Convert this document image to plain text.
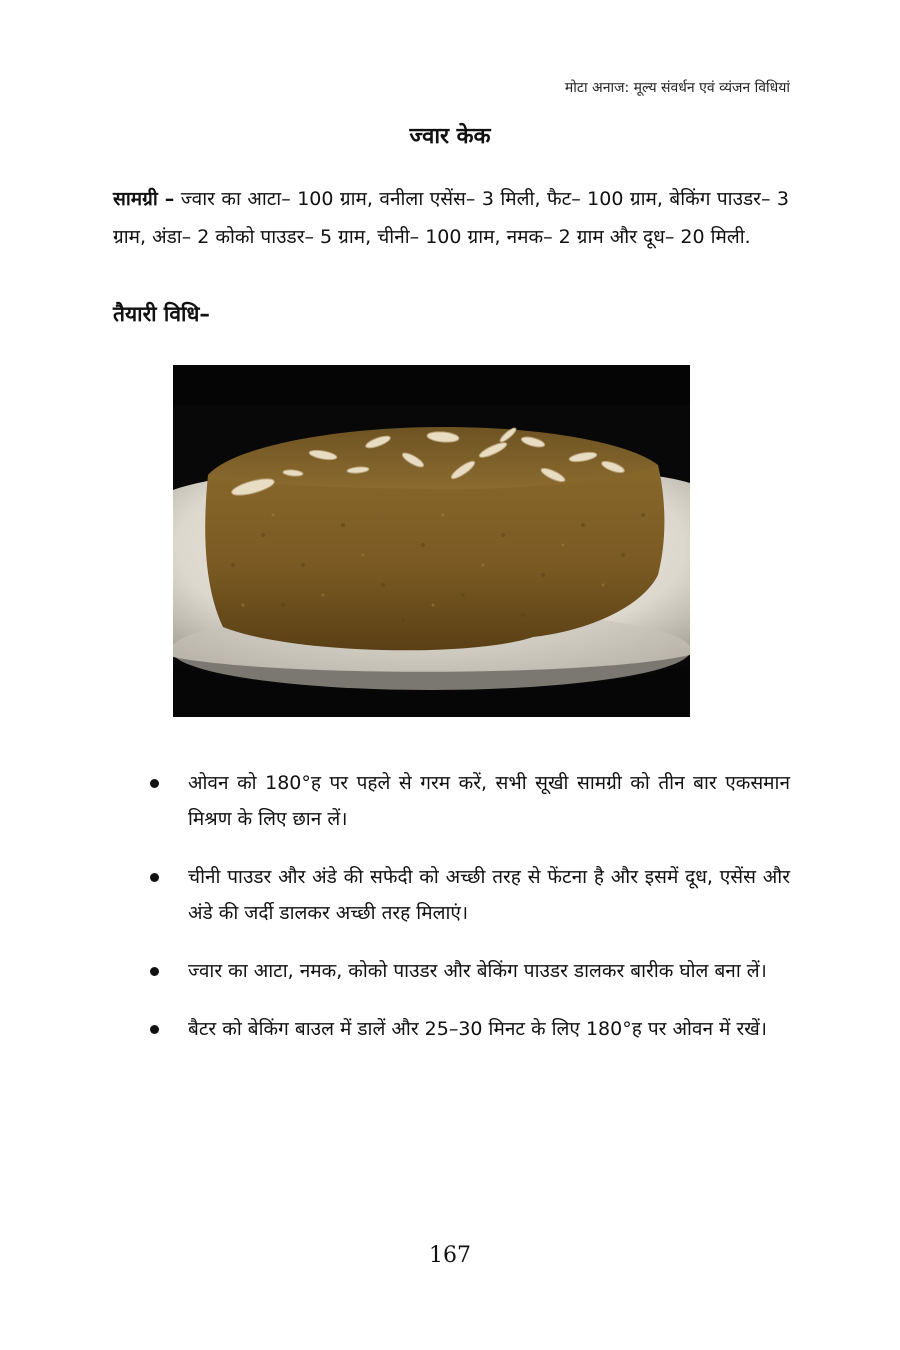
मोटा अनाज: मूल्य संवर्धन एवं व्यंजन विधियां
ज्वार केक
सामग्री – ज्वार का आटा– 100 ग्राम, वनीला एसेंस– 3 मिली, फैट– 100 ग्राम, बेकिंग पाउडर– 3 ग्राम, अंडा– 2 कोको पाउडर– 5 ग्राम, चीनी– 100 ग्राम, नमक– 2 ग्राम और दूध– 20 मिली.
तैयारी विधि–
ओवन को 180°ह पर पहले से गरम करें, सभी सूखी सामग्री को तीन बार एकसमान मिश्रण के लिए छान लें।
चीनी पाउडर और अंडे की सफेदी को अच्छी तरह से फेंटना है और इसमें दूध, एसेंस और अंडे की जर्दी डालकर अच्छी तरह मिलाएं।
ज्वार का आटा, नमक, कोको पाउडर और बेकिंग पाउडर डालकर बारीक घोल बना लें।
बैटर को बेकिंग बाउल में डालें और 25–30 मिनट के लिए 180°ह पर ओवन में रखें।
167
